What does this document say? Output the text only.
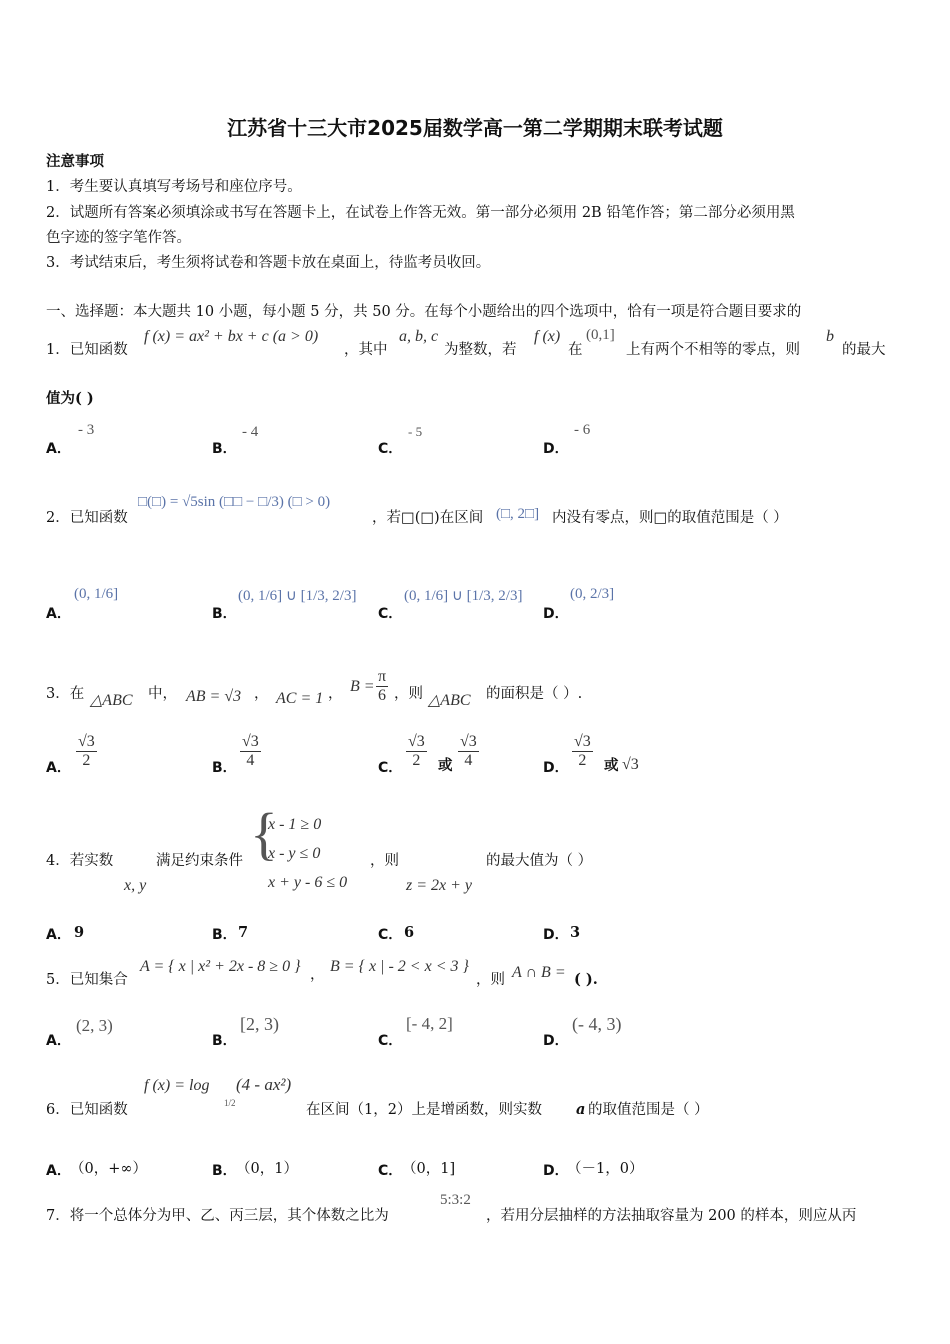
江苏省十三大市2025届数学高一第二学期期末联考试题
注意事项
1．考生要认真填写考场号和座位序号。
2．试题所有答案必须填涂或书写在答题卡上，在试卷上作答无效。第一部分必须用 2B 铅笔作答；第二部分必须用黑
色字迹的签字笔作答。
3．考试结束后，考生须将试卷和答题卡放在桌面上，待监考员收回。
一、选择题：本大题共 10 小题，每小题 5 分，共 50 分。在每个小题给出的四个选项中，恰有一项是符合题目要求的
1．已知函数
f (x) = ax² + bx + c (a > 0)
，其中
a, b, c
为整数，若
f (x)
在
(0,1]
上有两个不相等的零点，则
b
的最大
值为( )
A．
- 3
B．
- 4
C．
- 5
D．
- 6
2．已知函数
□(□) = √5sin (□□ − □/3) (□ > 0)
，若□(□)在区间 (□, 2□] 内没有零点，则□的取值范围是（ ）
A．
(0, 1/6]
B．
(0, 1/6] ∪ [1/3, 2/3]
C．
(0, 1/6] ∪ [1/3, 2/3]
D．
(0, 2/3]
3．在 △ABC 中， AB = √3 ， AC = 1 ， $B = \frac{\pi}{6}$ ，则 △ABC 的面积是（ ）.
A． $\frac{√3}{2}$	B． $\frac{√3}{4}$	C． $\frac{√3}{2}$ 或 $\frac{√3}{4}$	D． $\frac{√3}{2}$ 或 √3
4．若实数
x, y
满足约束条件 {
x - 1 ≥ 0
x - y ≤ 0
x + y - 6 ≤ 0
，则
z = 2x + y
的最大值为（ ）
A． 9	B． 7	C． 6	D． 3
5．已知集合
A = { x | x² + 2x - 8 ≥ 0 } ， B = { x | - 2 < x < 3 }
，则 A ∩ B = ( ).
A．
(2, 3)
B．
[2, 3)
C．
[- 4, 2]
D．
(- 4, 3)
6．已知函数
f (x) = log
1/2
(4 - ax²)
在区间（1，2）上是增函数，则实数 a 的取值范围是（ ）
A． （0，+∞）	B． （0，1）	C． （0，1]	D．
（－1，0）
7．将一个总体分为甲、乙、丙三层，其个体数之比为
5:3:2
，若用分层抽样的方法抽取容量为 200 的样本，则应从丙
